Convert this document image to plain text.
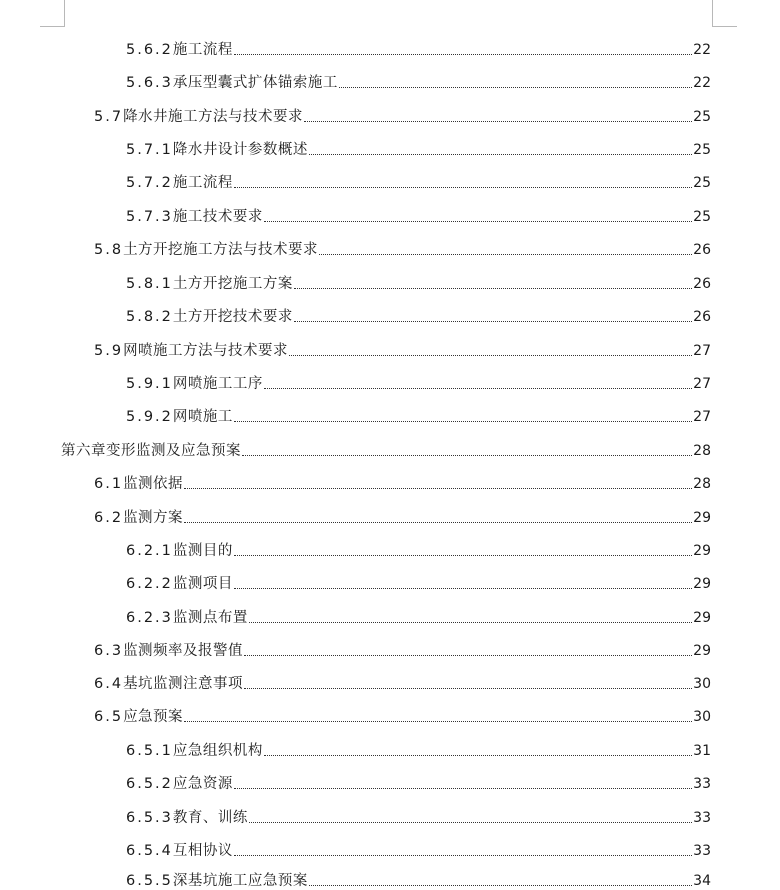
5.6.2 施工流程	22
5.6.3 承压型囊式扩体锚索施工	22
5.7 降水井施工方法与技术要求	25
5.7.1 降水井设计参数概述	25
5.7.2 施工流程	25
5.7.3 施工技术要求	25
5.8 土方开挖施工方法与技术要求	26
5.8.1 土方开挖施工方案	26
5.8.2 土方开挖技术要求	26
5.9 网喷施工方法与技术要求	27
5.9.1 网喷施工工序	27
5.9.2 网喷施工	27
第六章 变形监测及应急预案	28
6.1 监测依据	28
6.2 监测方案	29
6.2.1 监测目的	29
6.2.2 监测项目	29
6.2.3 监测点布置	29
6.3 监测频率及报警值	29
6.4 基坑监测注意事项	30
6.5 应急预案	30
6.5.1 应急组织机构	31
6.5.2 应急资源	33
6.5.3 教育、训练	33
6.5.4 互相协议	33
6.5.5 深基坑施工应急预案	34
